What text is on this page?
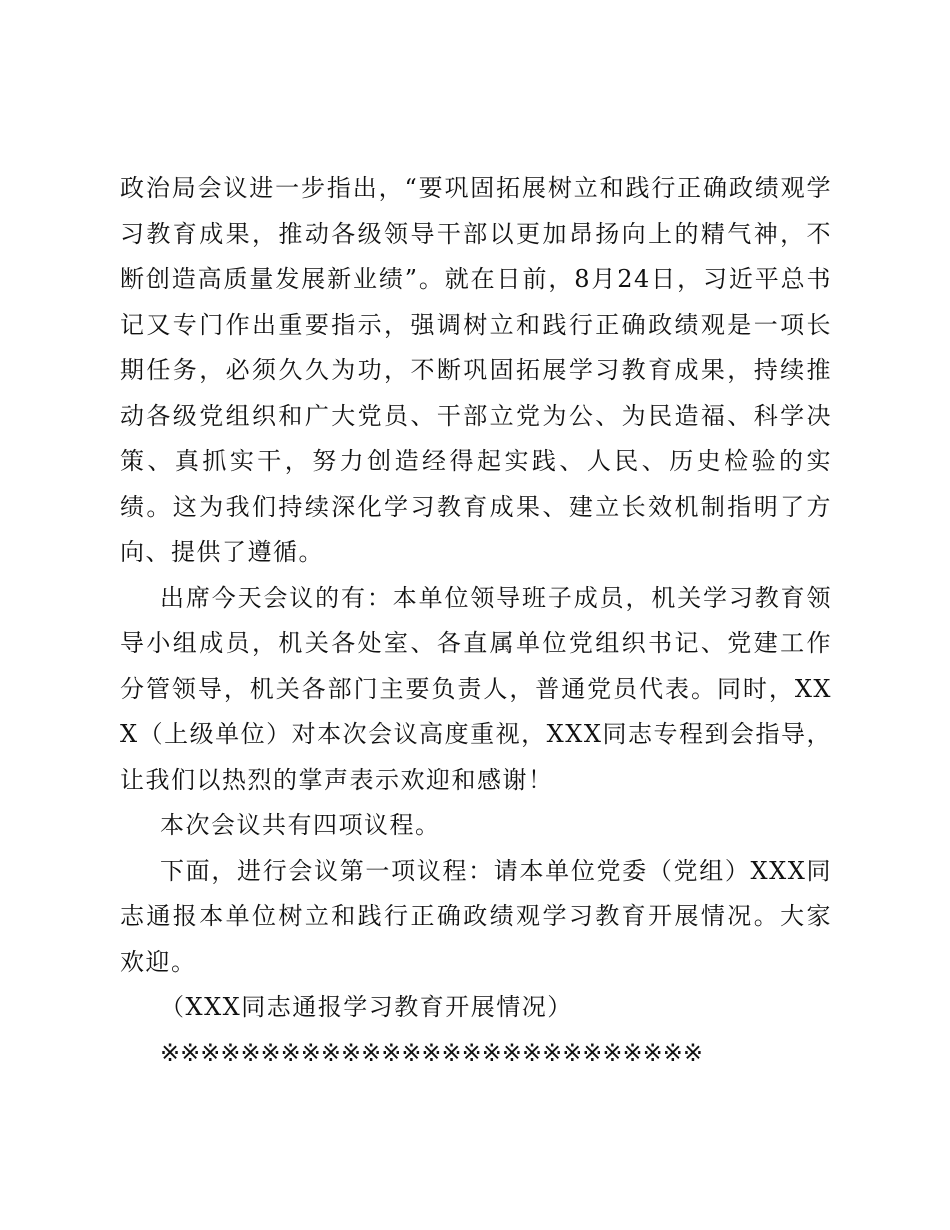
政治局会议进一步指出，“要巩固拓展树立和践行正确政绩观学习教育成果，推动各级领导干部以更加昂扬向上的精气神，不断创造高质量发展新业绩”。就在日前，8月24日，习近平总书记又专门作出重要指示，强调树立和践行正确政绩观是一项长期任务，必须久久为功，不断巩固拓展学习教育成果，持续推动各级党组织和广大党员、干部立党为公、为民造福、科学决策、真抓实干，努力创造经得起实践、人民、历史检验的实绩。这为我们持续深化学习教育成果、建立长效机制指明了方向、提供了遵循。

出席今天会议的有：本单位领导班子成员，机关学习教育领导小组成员，机关各处室、各直属单位党组织书记、党建工作分管领导，机关各部门主要负责人，普通党员代表。同时，XXX（上级单位）对本次会议高度重视，XXX同志专程到会指导，让我们以热烈的掌声表示欢迎和感谢！

本次会议共有四项议程。

下面，进行会议第一项议程：请本单位党委（党组）XXX同志通报本单位树立和践行正确政绩观学习教育开展情况。大家欢迎。

（XXX同志通报学习教育开展情况）

※※※※※※※※※※※※※※※※※※※※※※※※※※※
